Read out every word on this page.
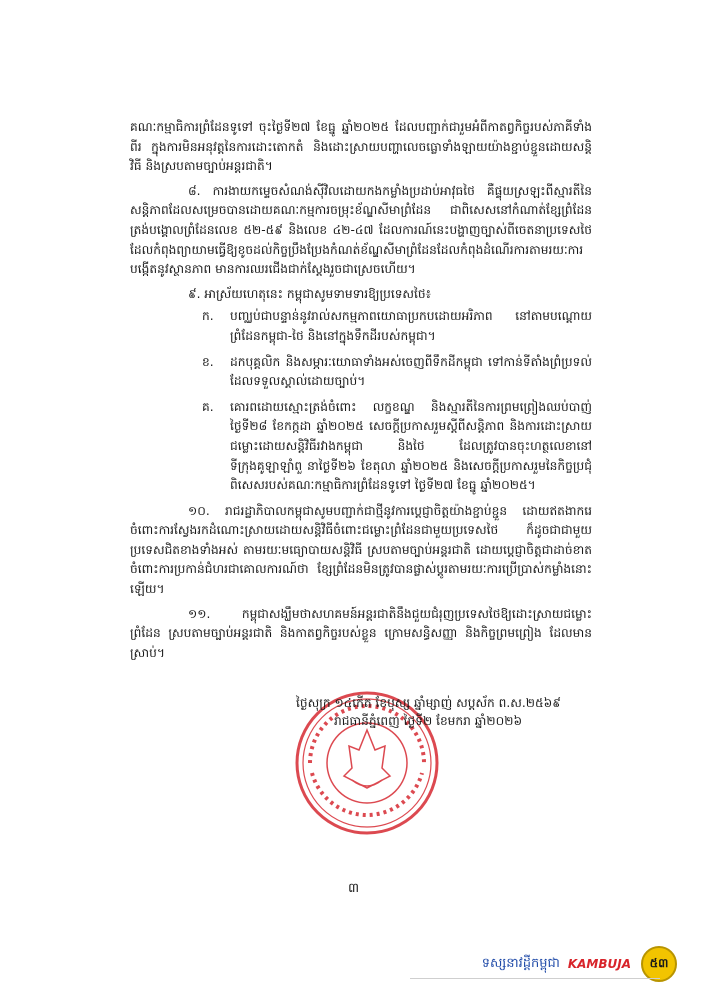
គណៈកម្មាធិការព្រំដែនទូទៅ ចុះថ្ងៃទី២៧ ខែធ្នូ ឆ្នាំ២០២៥ ដែលបញ្ជាក់ជារួមអំពីកាតព្វកិច្ចរបស់ភាគីទាំងពីរ ក្នុងការមិនអនុវត្តនៃការដោះតោកតំ និងដោះស្រាយបញ្ហាលេចធ្លោទាំងឡាយយ៉ាងខ្ជាប់ខ្ជួនដោយសន្តិវិធី និងស្របតាមច្បាប់អន្តរជាតិ។

៨. ការងាយកម្ទេចសំណង់ស៊ីវិលដោយកងកម្លាំងប្រដាប់អាវុធថៃ គឺផ្ទុយស្រឡះពីស្មារតីនៃសន្តិភាពដែលសម្រេចបានដោយគណៈកម្មការចម្រុះខ័ណ្ឌសីមាព្រំដែន ជាពិសេសនៅកំណាត់ខ្សែព្រំដែនត្រង់បង្គោលព្រំដែនលេខ ៥២-៥៩ និងលេខ ៤២-៤៧ ដែលការណ៍នេះបង្ហាញច្បាស់ពីចេតនាប្រទេសថៃដែលកំពុងព្យាយាមធ្វើឱ្យខូចដល់កិច្ចប្រឹងប្រែងកំណត់ខ័ណ្ឌសីមាព្រំដែនដែលកំពុងដំណើរការតាមរយៈការបង្កើតនូវស្ថានភាព មានការឈរជើងជាក់ស្តែងរួចជាស្រេចហើយ។

៩. អាស្រ័យហេតុនេះ កម្ពុជាសូមទាមទារឱ្យប្រទេសថៃ៖

ក.	បញ្ឈប់ជាបន្ទាន់នូវរាល់សកម្មភាពយោធាប្រកបដោយអរិភាព នៅតាមបណ្តោយព្រំដែនកម្ពុជា-ថៃ និងនៅក្នុងទឹកដីរបស់កម្ពុជា។
ខ.	ដកបុគ្គលិក និងសម្ភារៈយោធាទាំងអស់ចេញពីទឹកដីកម្ពុជា ទៅកាន់ទីតាំងព្រំប្រទល់ដែលទទួលស្គាល់ដោយច្បាប់។
គ.	គោរពដោយស្មោះត្រង់ចំពោះ លក្ខខណ្ឌ និងស្មារតីនៃការព្រមព្រៀងឈប់បាញ់ ថ្ងៃទី២៨ ខែកក្កដា ឆ្នាំ២០២៥ សេចក្តីប្រកាសរួមស្តីពីសន្តិភាព និងការដោះស្រាយជម្លោះដោយសន្តិវិធីរវាងកម្ពុជា និងថៃ ដែលត្រូវបានចុះហត្ថលេខានៅទីក្រុងគូឡាឡាំពួ នាថ្ងៃទី២៦ ខែតុលា ឆ្នាំ២០២៥ និងសេចក្តីប្រកាសរួមនៃកិច្ចប្រជុំពិសេសរបស់គណៈកម្មាធិការព្រំដែនទូទៅ ថ្ងៃទី២៧ ខែធ្នូ ឆ្នាំ២០២៥។

១០. រាជរដ្ឋាភិបាលកម្ពុជាសូមបញ្ជាក់ជាថ្មីនូវការប្តេជ្ញាចិត្តយ៉ាងខ្ជាប់ខ្ជួន ដោយឥតងាករេចំពោះការស្វែងរកដំណោះស្រាយដោយសន្តិវិធីចំពោះជម្លោះព្រំដែនជាមួយប្រទេសថៃ ក៏ដូចជាជាមួយប្រទេសជិតខាងទាំងអស់ តាមរយៈមធ្យោបាយសន្តិវិធី ស្របតាមច្បាប់អន្តរជាតិ ដោយប្តេជ្ញាចិត្តជាដាច់ខាតចំពោះការប្រកាន់ជំហរជាគោលការណ៍ថា ខ្សែព្រំដែនមិនត្រូវបានផ្លាស់ប្តូរតាមរយៈការប្រើប្រាស់កម្លាំងនោះឡើយ។

១១. កម្ពុជាសង្ឃឹមថាសហគមន៍អន្តរជាតិនឹងជួយជំរុញប្រទេសថៃឱ្យដោះស្រាយជម្លោះព្រំដែន ស្របតាមច្បាប់អន្តរជាតិ និងកាតព្វកិច្ចរបស់ខ្លួន ក្រោមសន្ធិសញ្ញា និងកិច្ចព្រមព្រៀង ដែលមានស្រាប់។

ថ្ងៃសុក្រ ១៤កើត ខែបុស្ស ឆ្នាំម្សាញ់ សប្តស័ក ព.ស.២៥៦៩

រាជធានីភ្នំពេញ ថ្ងៃទី២ ខែមករា ឆ្នាំ២០២៦

៣
ទស្សនាវដ្តីកម្ពុជា KAMBUJA	៥៣
